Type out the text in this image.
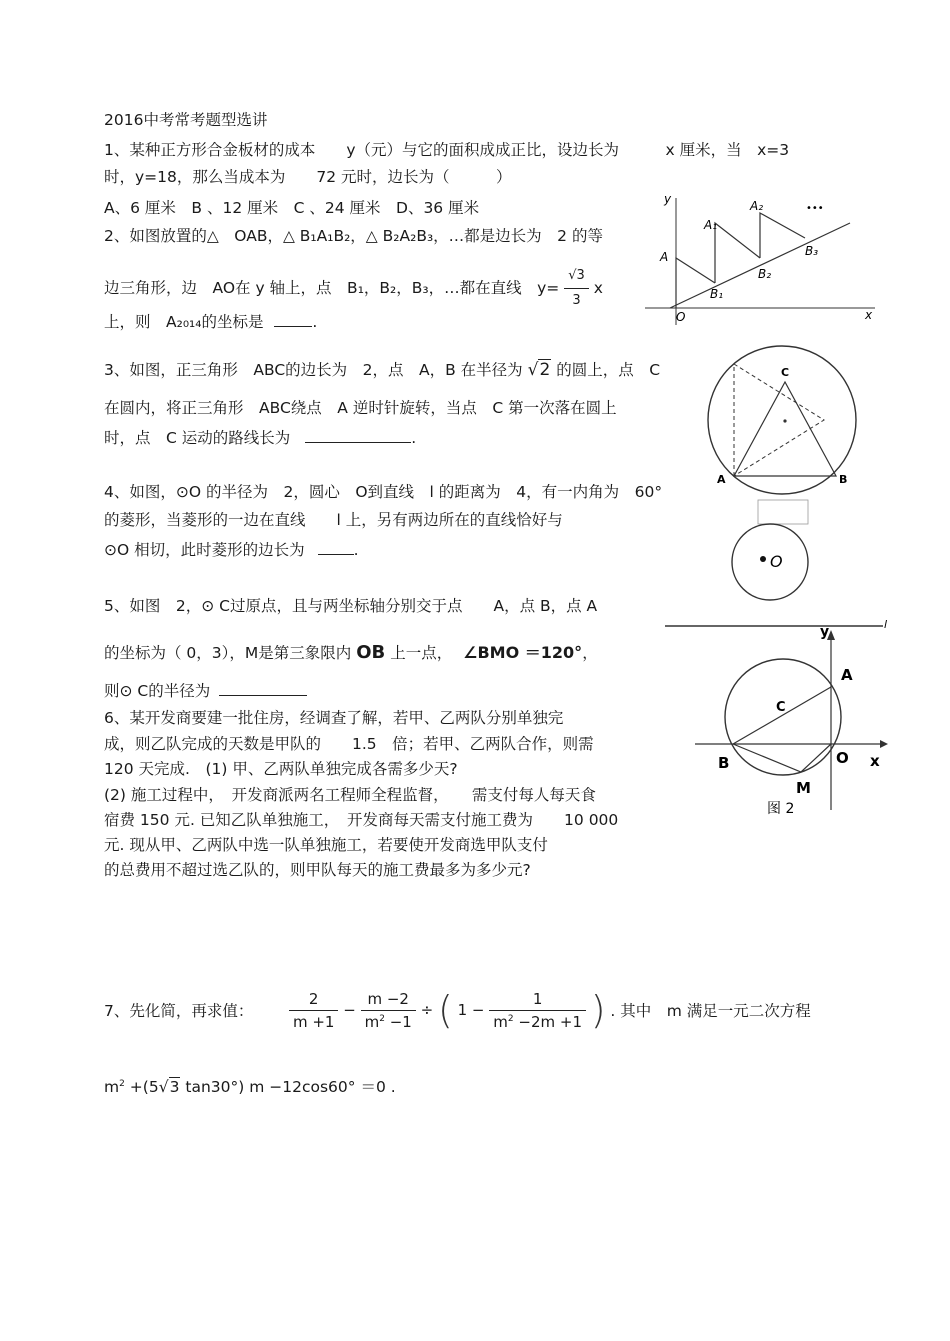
2016中考常考题型选讲
1、某种正方形合金板材的成本　　y（元）与它的面积成成正比，设边长为　　　x 厘米，当　x=3
时，y=18，那么当成本为　　72 元时，边长为（　　　）
A、6 厘米　B 、12 厘米　C 、24 厘米　D、36 厘米
2、如图放置的△　OAB，△ B₁A₁B₂，△ B₂A₂B₃，…都是边长为　2 的等
边三角形，边　AO在 y 轴上，点　B₁，B₂，B₃，…都在直线　$y= \frac{√3}{3}$ x
上，则　A₂₀₁₄的坐标是	.
y
x
O
A
A₁
A₂
B₁
B₂
B₃
•••
3、如图，正三角形　ABC的边长为　2，点　A，B 在半径为 √2 的圆上，点　C
在圆内，将正三角形　ABC绕点　A 逆时针旋转，当点　C 第一次落在圆上
时，点　C 运动的路线长为	.
A	B
C
4、如图，⊙O 的半径为　2，圆心　O到直线　l 的距离为　4，有一内角为　60°
的菱形，当菱形的一边在直线　　l 上，另有两边所在的直线恰好与
⊙O 相切，此时菱形的边长为	.
O
l
5、如图　2，⊙ C过原点，且与两坐标轴分别交于点　　A，点 B，点 A
的坐标为（ 0，3），M是第三象限内 OB 上一点， ∠BMO ＝120°，
则⊙ C的半径为
y
A
C
B	O x
M
图 2
6、某开发商要建一批住房，经调查了解，若甲、乙两队分别单独完
成，则乙队完成的天数是甲队的　　1.5　倍；若甲、乙两队合作，则需
120 天完成.　(1) 甲、乙两队单独完成各需多少天?
(2) 施工过程中，　开发商派两名工程师全程监督，　　需支付每人每天食
宿费 150 元. 已知乙队单独施工，　开发商每天需支付施工费为　　10 000
元. 现从甲、乙两队中选一队单独施工，若要使开发商选甲队支付
的总费用不超过选乙队的，则甲队每天的施工费最多为多少元?
7、先化简，再求值： $\frac{2}{m +1} - \frac{m -2}{m^2 -1}$ ÷ ( $1 - \frac{1}{m^2 -2m +1}$ ) . 其中　m 满足一元二次方程
$m^2 +(5√3$ tan30°) m −12cos60° ＝0 .
